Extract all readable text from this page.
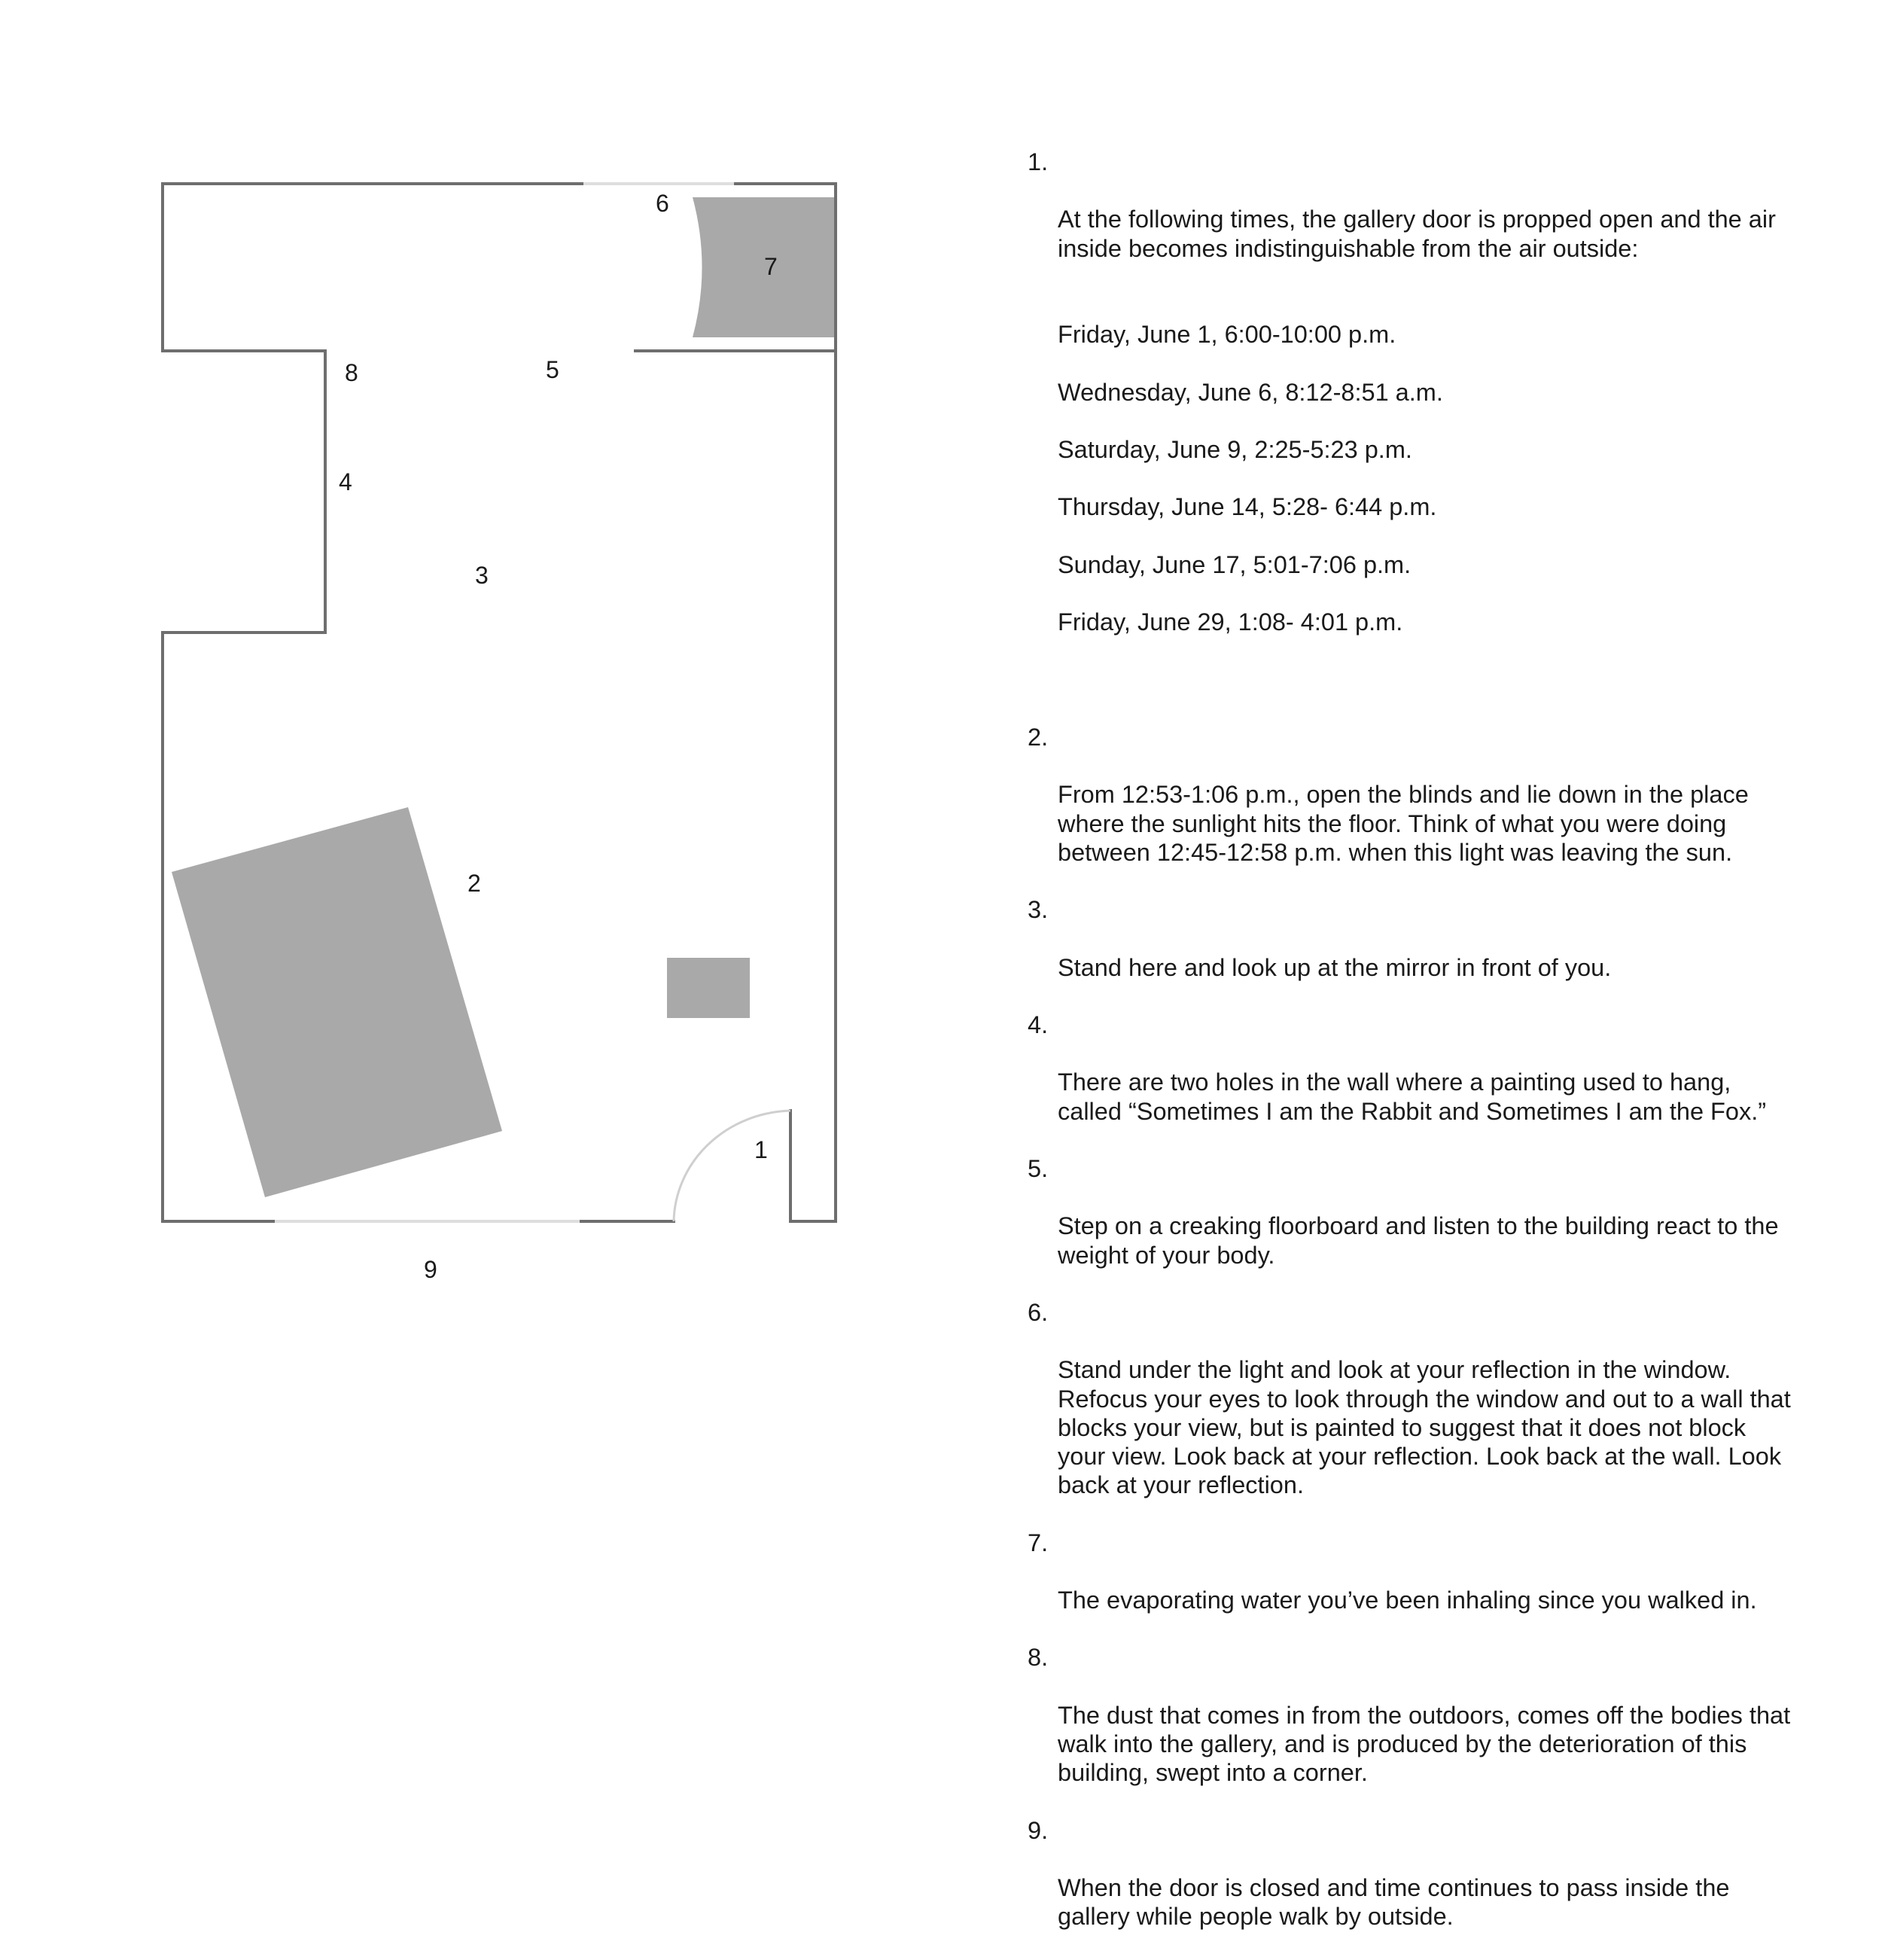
6
7
8	5
4
3
2
1
9

1.

At the following times, the gallery door is propped open and the air inside becomes indistinguishable from the air outside:

Friday, June 1, 6:00-10:00 p.m.

Wednesday, June 6, 8:12-8:51 a.m.

Saturday, June 9, 2:25-5:23 p.m.

Thursday, June 14, 5:28- 6:44 p.m.

Sunday, June 17, 5:01-7:06 p.m.

Friday, June 29, 1:08- 4:01 p.m.

2.

From 12:53-1:06 p.m., open the blinds and lie down in the place where the sunlight hits the floor. Think of what you were doing between 12:45-12:58 p.m. when this light was leaving the sun.

3.

Stand here and look up at the mirror in front of you.

4.

There are two holes in the wall where a painting used to hang, called “Sometimes I am the Rabbit and Sometimes I am the Fox.”

5.

Step on a creaking floorboard and listen to the building react to the weight of your body.

6.

Stand under the light and look at your reflection in the window. Refocus your eyes to look through the window and out to a wall that blocks your view, but is painted to suggest that it does not block your view. Look back at your reflection. Look back at the wall. Look back at your reflection.

7.

The evaporating water you’ve been inhaling since you walked in.

8.

The dust that comes in from the outdoors, comes off the bodies that walk into the gallery, and is produced by the deterioration of this building, swept into a corner.

9.

When the door is closed and time continues to pass inside the gallery while people walk by outside.
